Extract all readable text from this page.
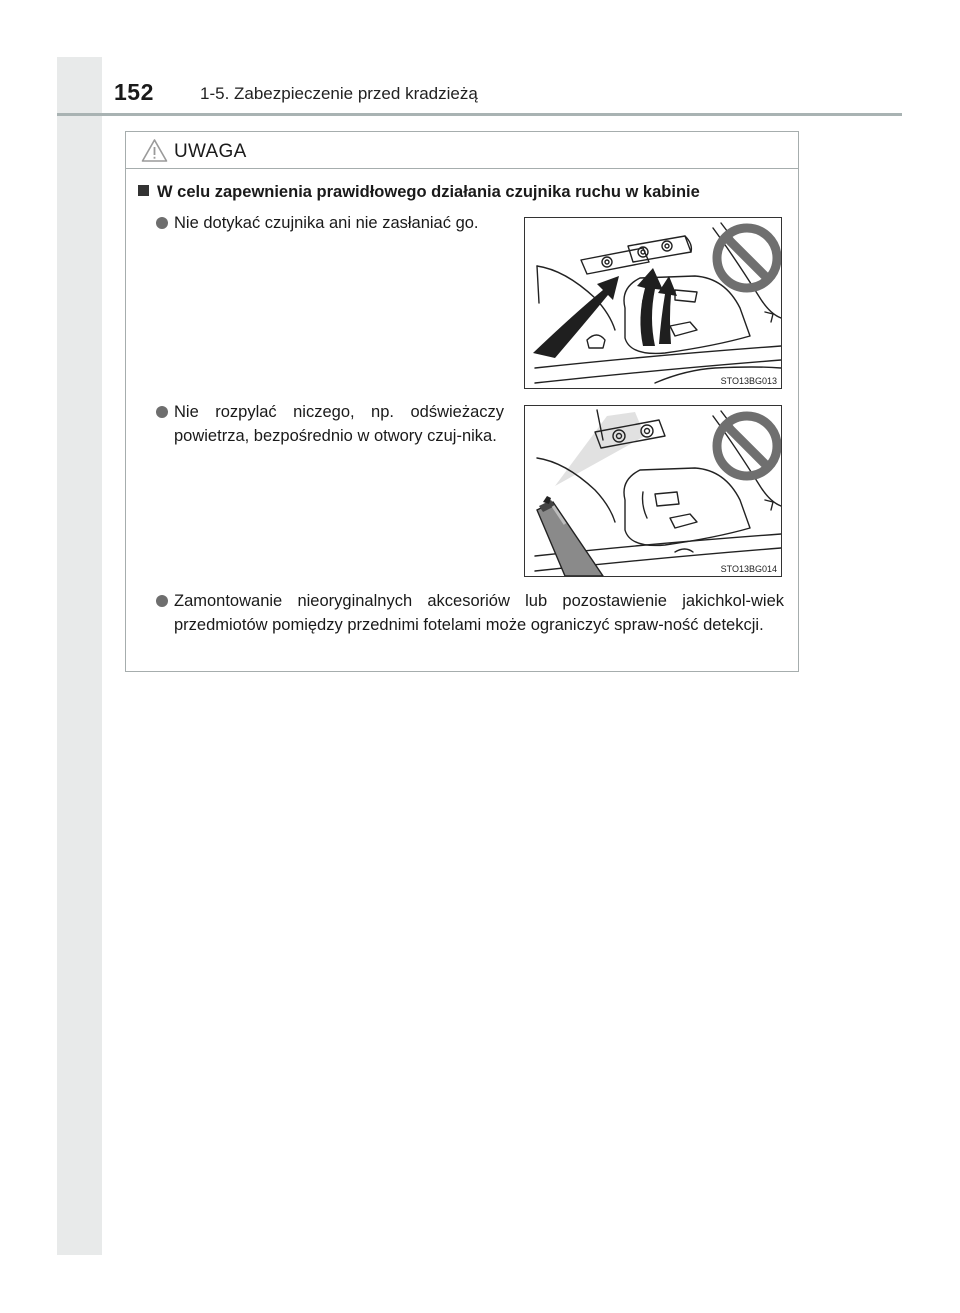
152	1-5. Zabezpieczenie przed kradzieżą
UWAGA
W celu zapewnienia prawidłowego działania czujnika ruchu w kabinie
Nie dotykać czujnika ani nie zasłaniać go.
STO13BG013
Nie rozpylać niczego, np. odświeżaczy powietrza, bezpośrednio w otwory czuj-nika.
STO13BG014
Zamontowanie nieoryginalnych akcesoriów lub pozostawienie jakichkol-wiek przedmiotów pomiędzy przednimi fotelami może ograniczyć spraw-ność detekcji.
